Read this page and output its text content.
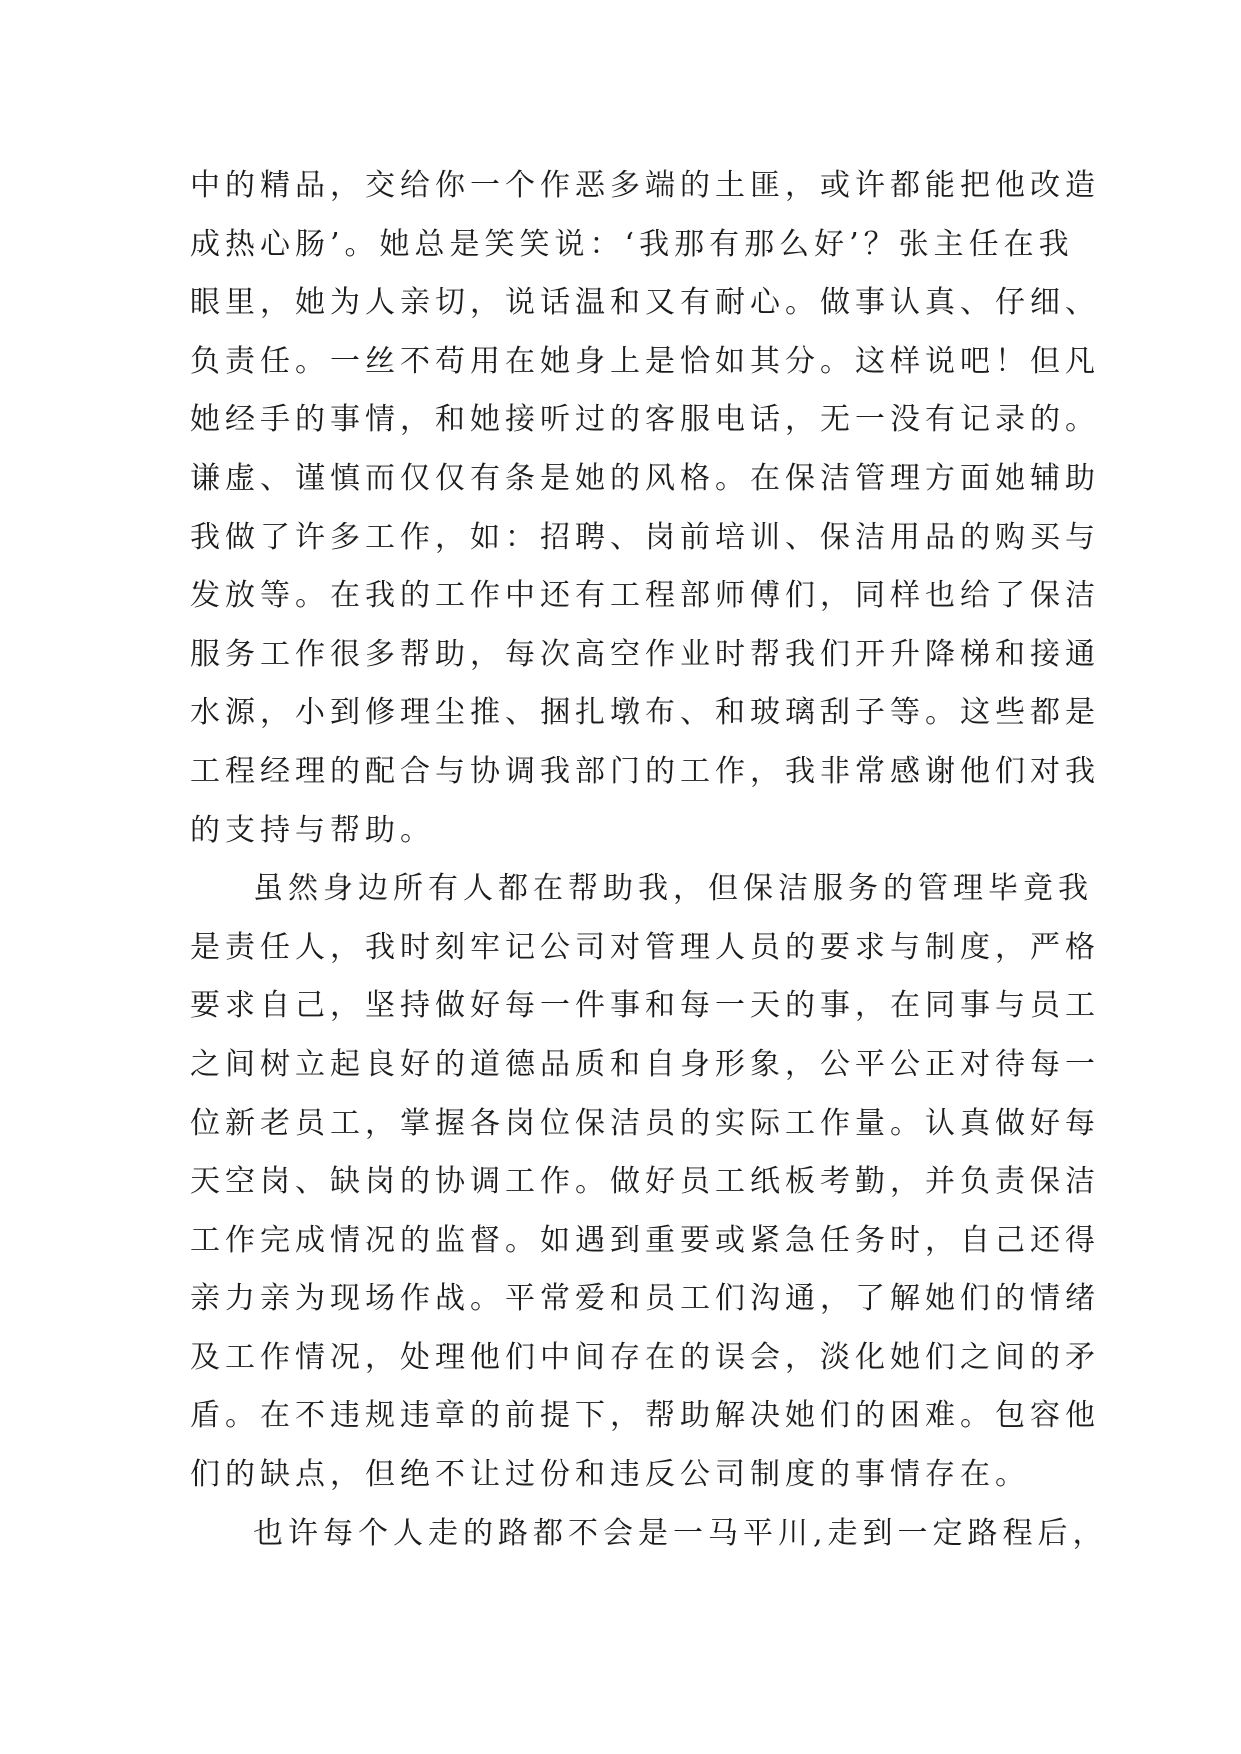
中的精品，交给你一个作恶多端的土匪，或许都能把他改造
成热心肠’。她总是笑笑说：‘我那有那么好’？张主任在我
眼里，她为人亲切，说话温和又有耐心。做事认真、仔细、
负责任。一丝不苟用在她身上是恰如其分。这样说吧！但凡
她经手的事情，和她接听过的客服电话，无一没有记录的。
谦虚、谨慎而仅仅有条是她的风格。在保洁管理方面她辅助
我做了许多工作，如：招聘、岗前培训、保洁用品的购买与
发放等。在我的工作中还有工程部师傅们，同样也给了保洁
服务工作很多帮助，每次高空作业时帮我们开升降梯和接通
水源，小到修理尘推、捆扎墩布、和玻璃刮子等。这些都是
工程经理的配合与协调我部门的工作，我非常感谢他们对我
的支持与帮助。
虽然身边所有人都在帮助我，但保洁服务的管理毕竟我
是责任人，我时刻牢记公司对管理人员的要求与制度，严格
要求自己，坚持做好每一件事和每一天的事，在同事与员工
之间树立起良好的道德品质和自身形象，公平公正对待每一
位新老员工，掌握各岗位保洁员的实际工作量。认真做好每
天空岗、缺岗的协调工作。做好员工纸板考勤，并负责保洁
工作完成情况的监督。如遇到重要或紧急任务时，自己还得
亲力亲为现场作战。平常爱和员工们沟通，了解她们的情绪
及工作情况，处理他们中间存在的误会，淡化她们之间的矛
盾。在不违规违章的前提下，帮助解决她们的困难。包容他
们的缺点，但绝不让过份和违反公司制度的事情存在。
也许每个人走的路都不会是一马平川,走到一定路程后，
